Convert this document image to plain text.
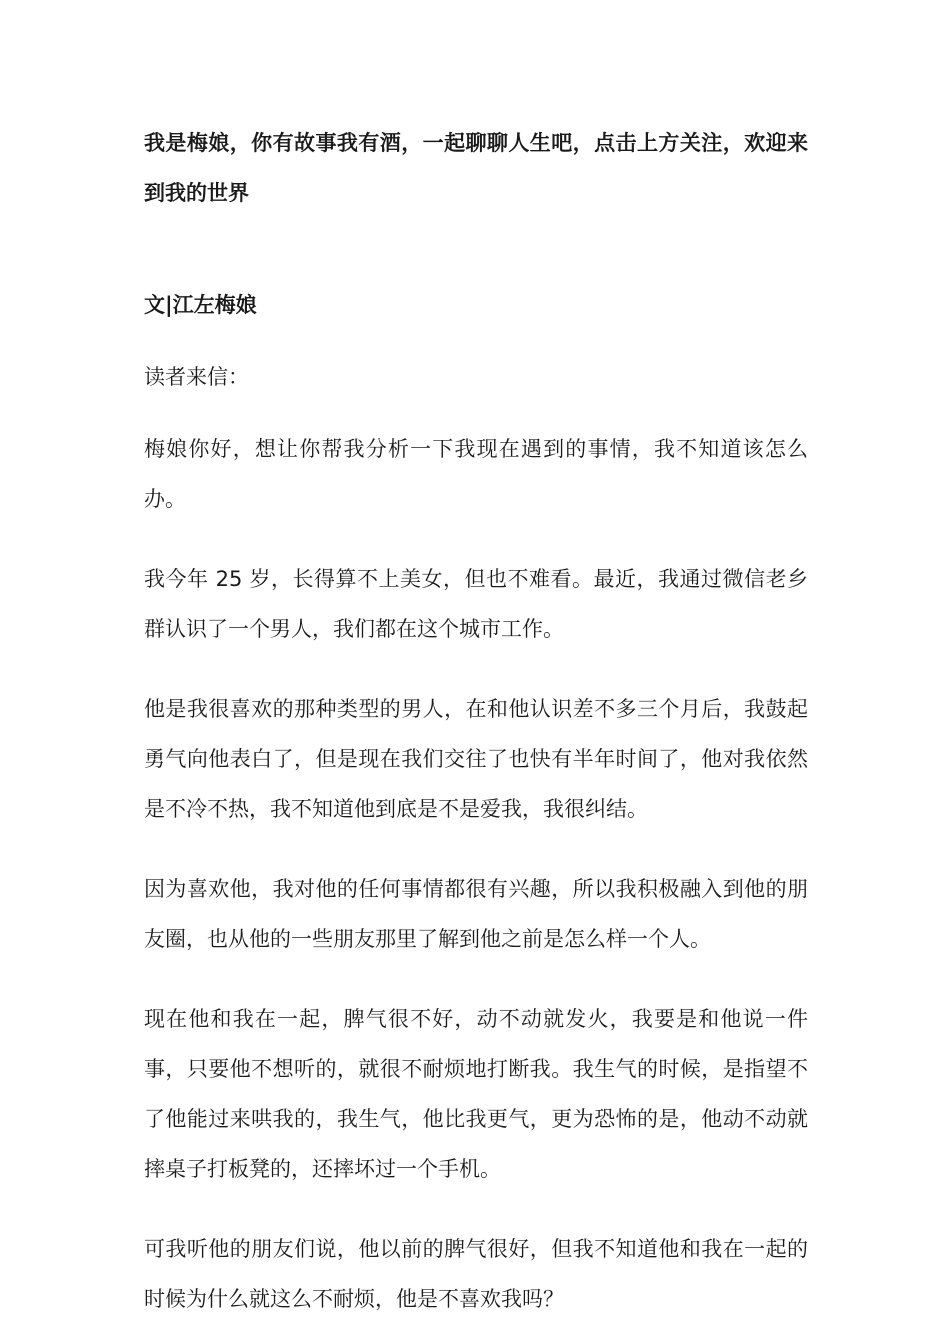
我是梅娘，你有故事我有酒，一起聊聊人生吧，点击上方关注，欢迎来到我的世界

文|江左梅娘

读者来信：

梅娘你好，想让你帮我分析一下我现在遇到的事情，我不知道该怎么办。

我今年 25 岁，长得算不上美女，但也不难看。最近，我通过微信老乡群认识了一个男人，我们都在这个城市工作。

他是我很喜欢的那种类型的男人，在和他认识差不多三个月后，我鼓起勇气向他表白了，但是现在我们交往了也快有半年时间了，他对我依然是不冷不热，我不知道他到底是不是爱我，我很纠结。

因为喜欢他，我对他的任何事情都很有兴趣，所以我积极融入到他的朋友圈，也从他的一些朋友那里了解到他之前是怎么样一个人。

现在他和我在一起，脾气很不好，动不动就发火，我要是和他说一件事，只要他不想听的，就很不耐烦地打断我。我生气的时候，是指望不了他能过来哄我的，我生气，他比我更气，更为恐怖的是，他动不动就摔桌子打板凳的，还摔坏过一个手机。

可我听他的朋友们说，他以前的脾气很好，但我不知道他和我在一起的时候为什么就这么不耐烦，他是不喜欢我吗？
